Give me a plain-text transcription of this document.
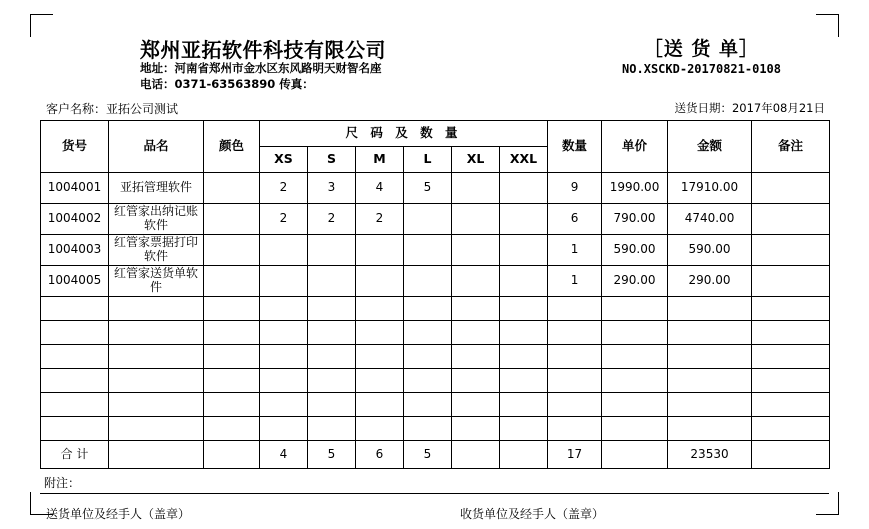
郑州亚拓软件科技有限公司
地址：河南省郑州市金水区东风路明天财智名座
电话：0371-63563890 传真：
［送 货 单］
NO.XSCKD-20170821-0108
客户名称：亚拓公司测试	送货日期：2017年08月21日
货号	品名	颜色	尺 码 及 数 量						数量	单价	金额	备注
			XS	S	M	L	XL	XXL				
1004001	亚拓管理软件		2	3	4	5			9	1990.00	17910.00	
1004002	红管家出纳记账软件		2	2	2				6	790.00	4740.00	
1004003	红管家票据打印软件								1	590.00	590.00	
1004005	红管家送货单软件								1	290.00	290.00	

合 计			4	5	6	5			17		23530	
附注：
送货单位及经手人（盖章）	收货单位及经手人（盖章）
